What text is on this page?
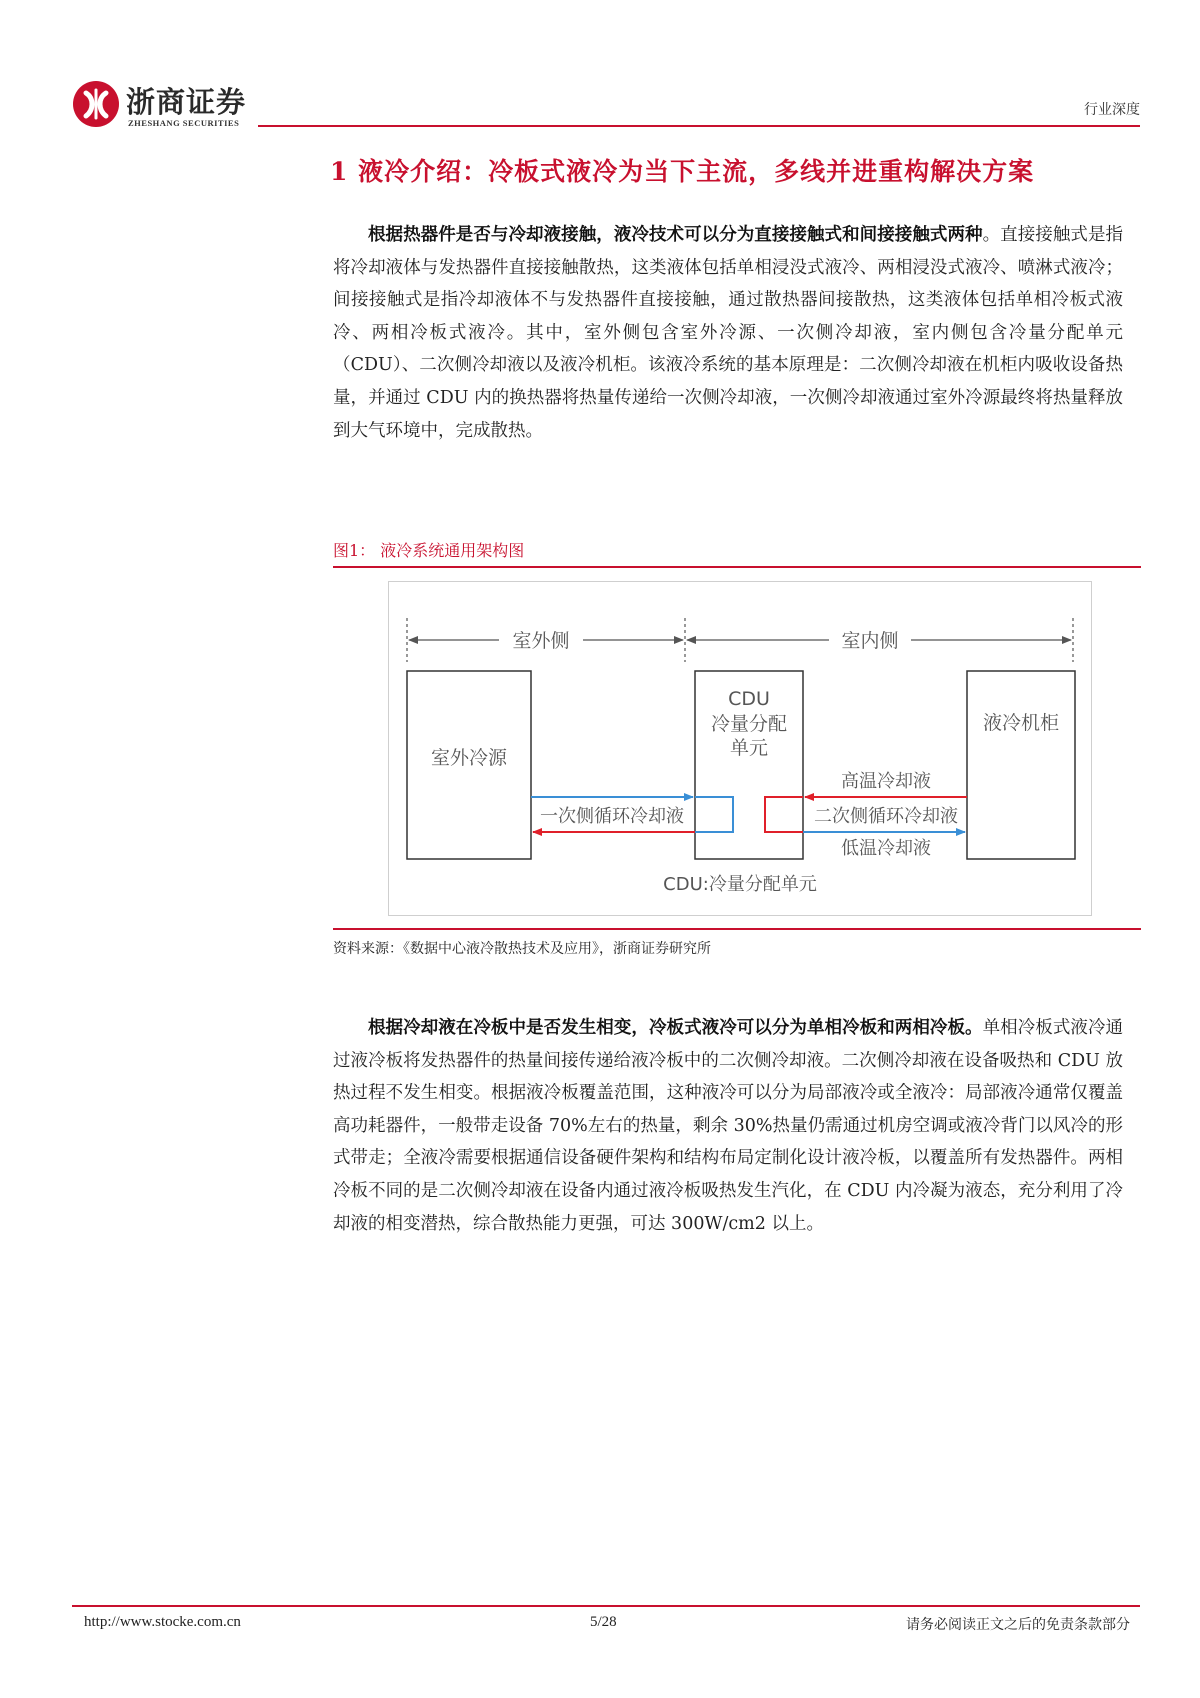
浙商证券
ZHESHANG SECURITIES
行业深度
1 液冷介绍：冷板式液冷为当下主流，多线并进重构解决方案
根据热器件是否与冷却液接触，液冷技术可以分为直接接触式和间接接触式两种。直接接触式是指将冷却液体与发热器件直接接触散热，这类液体包括单相浸没式液冷、两相浸没式液冷、喷淋式液冷；间接接触式是指冷却液体不与发热器件直接接触，通过散热器间接散热，这类液体包括单相冷板式液冷、两相冷板式液冷。其中，室外侧包含室外冷源、一次侧冷却液，室内侧包含冷量分配单元（CDU）、二次侧冷却液以及液冷机柜。该液冷系统的基本原理是：二次侧冷却液在机柜内吸收设备热量，并通过 CDU 内的换热器将热量传递给一次侧冷却液，一次侧冷却液通过室外冷源最终将热量释放到大气环境中，完成散热。
图1： 液冷系统通用架构图
室外侧	室内侧
室外冷源
CDU
冷量分配
单元
液冷机柜
一次侧循环冷却液
高温冷却液
二次侧循环冷却液
低温冷却液
CDU:冷量分配单元
资料来源：《数据中心液冷散热技术及应用》，浙商证券研究所
根据冷却液在冷板中是否发生相变，冷板式液冷可以分为单相冷板和两相冷板。单相冷板式液冷通过液冷板将发热器件的热量间接传递给液冷板中的二次侧冷却液。二次侧冷却液在设备吸热和 CDU 放热过程不发生相变。根据液冷板覆盖范围，这种液冷可以分为局部液冷或全液冷：局部液冷通常仅覆盖高功耗器件，一般带走设备 70%左右的热量，剩余 30%热量仍需通过机房空调或液冷背门以风冷的形式带走；全液冷需要根据通信设备硬件架构和结构布局定制化设计液冷板，以覆盖所有发热器件。两相冷板不同的是二次侧冷却液在设备内通过液冷板吸热发生汽化，在 CDU 内冷凝为液态，充分利用了冷却液的相变潜热，综合散热能力更强，可达 300W/cm2 以上。
http://www.stocke.com.cn	5/28	请务必阅读正文之后的免责条款部分
